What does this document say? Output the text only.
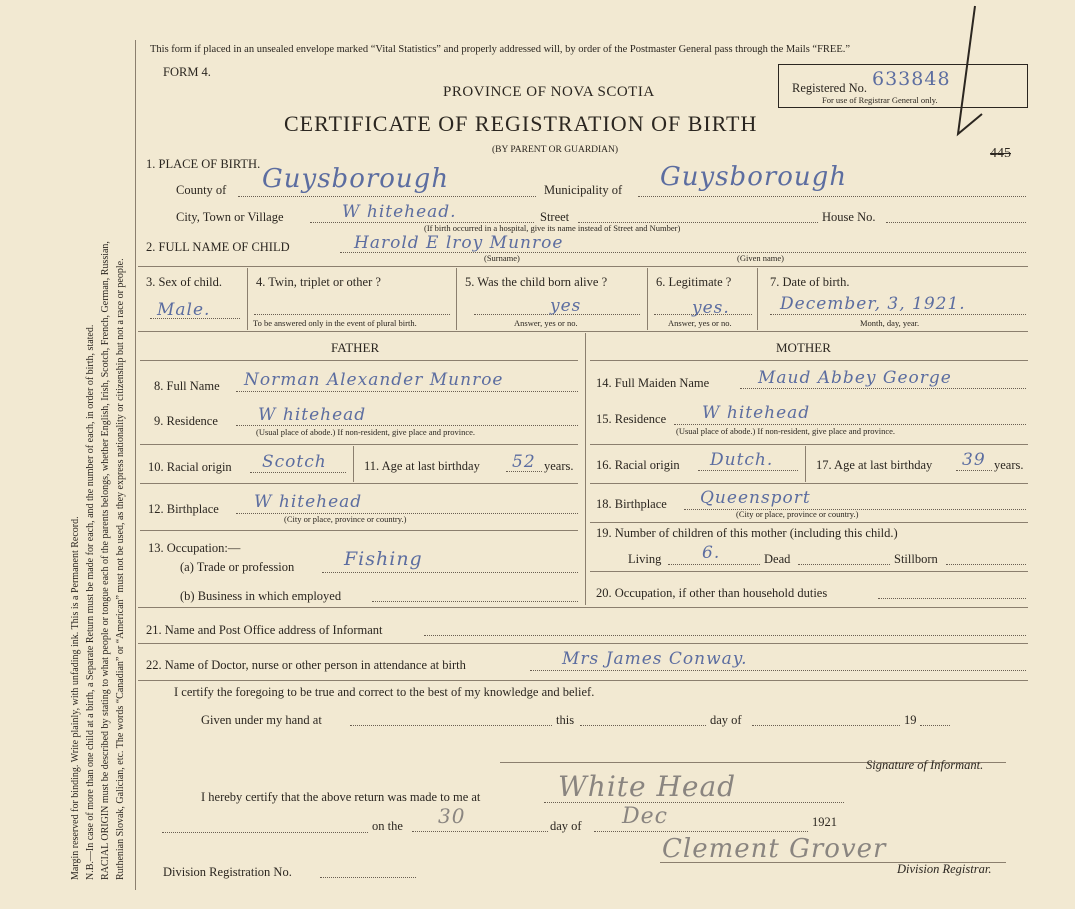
Margin reserved for binding. Write plainly, with unfading ink. This is a Permanent Record. N.B.—In case of more than one child at a birth, a Separate Return must be made for each, and the number of each, in order of birth, stated. RACIAL ORIGIN must be described by stating to what people or tongue each of the parents belongs, whether English, Irish, Scotch, French, German, Russian, Ruthenian Slovak, Galician, etc. The words “Canadian” or “American” must not be used, as they express nationality or citizenship but not a race or people.
This form if placed in an unsealed envelope marked “Vital Statistics” and properly addressed will, by order of the Postmaster General pass through the Mails “FREE.”
FORM 4.
PROVINCE OF NOVA SCOTIA
CERTIFICATE OF REGISTRATION OF BIRTH
(BY PARENT OR GUARDIAN)
Registered No. 633848
For use of Registrar General only.
445
1. PLACE OF BIRTH.
County of Guysborough	Municipality of Guysborough
City, Town or Village	W hitehead.	Street	House No.
(If birth occurred in a hospital, give its name instead of Street and Number)
2. FULL NAME OF CHILD	Harold E lroy Munroe
(Surname)	(Given name)
3. Sex of child.
Male.
4. Twin, triplet or other ?
To be answered only in the event of plural birth.
5. Was the child born alive ?
yes
Answer, yes or no.
6. Legitimate ?
yes.
Answer, yes or no.
7. Date of birth.
December, 3, 1921.
Month, day, year.
FATHER
8. Full Name Norman Alexander Munroe
9. Residence W hitehead
(Usual place of abode.) If non-resident, give place and province.
10. Racial origin Scotch	11. Age at last birthday 52 years.
12. Birthplace W hitehead
(City or place, province or country.)
13. Occupation:—
(a) Trade or profession	Fishing
(b) Business in which employed
MOTHER
14. Full Maiden Name	Maud Abbey George
15. Residence W hitehead
(Usual place of abode.) If non-resident, give place and province.
16. Racial origin Dutch.	17. Age at last birthday 39 years.
18. Birthplace Queensport
(City or place, province or country.)
19. Number of children of this mother (including this child.)
Living 6.	Dead	Stillborn
20. Occupation, if other than household duties
21. Name and Post Office address of Informant
22. Name of Doctor, nurse or other person in attendance at birth	Mrs James Conway.
I certify the foregoing to be true and correct to the best of my knowledge and belief.
Given under my hand at	this	day of	19
Signature of Informant.
I hereby certify that the above return was made to me at	White Head
on the 30	day of Dec	1921
Clement Grover
Division Registration No.	Division Registrar.
